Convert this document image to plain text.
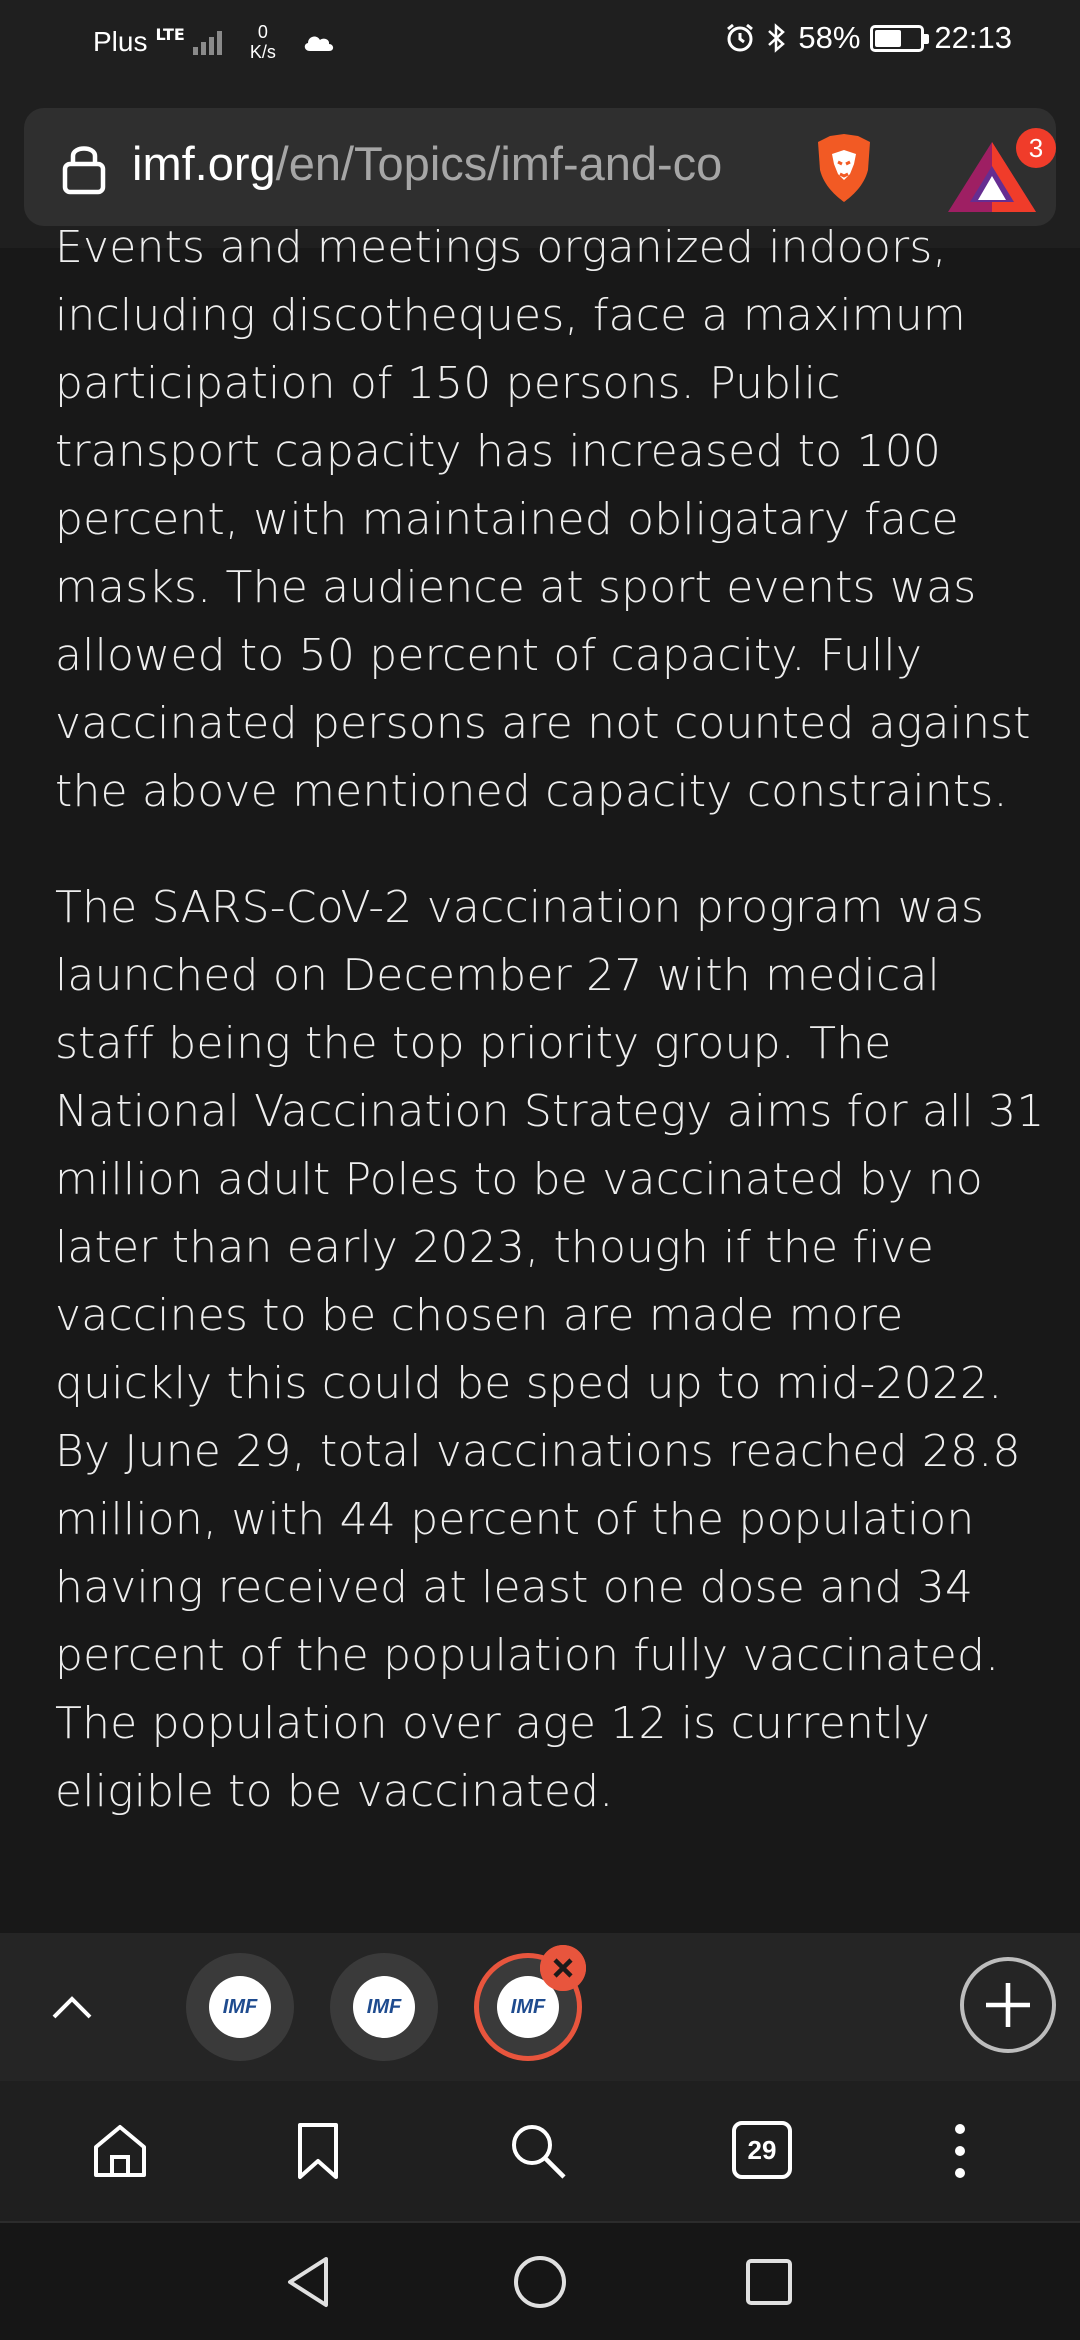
Plus LTE	0
K/s	58% 22:13
imf.org/en/Topics/imf-and-co	3

Events and meetings organized indoors, including discotheques, face a maximum participation of 150 persons. Public transport capacity has increased to 100 percent, with maintained obligatary face masks. The audience at sport events was allowed to 50 percent of capacity. Fully vaccinated persons are not counted against the above mentioned capacity constraints.

The SARS-CoV-2 vaccination program was launched on December 27 with medical staff being the top priority group. The National Vaccination Strategy aims for all 31 million adult Poles to be vaccinated by no later than early 2023, though if the five vaccines to be chosen are made more quickly this could be sped up to mid-2022. By June 29, total vaccinations reached 28.8 million, with 44 percent of the population having received at least one dose and 34 percent of the population fully vaccinated. The population over age 12 is currently eligible to be vaccinated.

IMF	IMF	IMF
29
